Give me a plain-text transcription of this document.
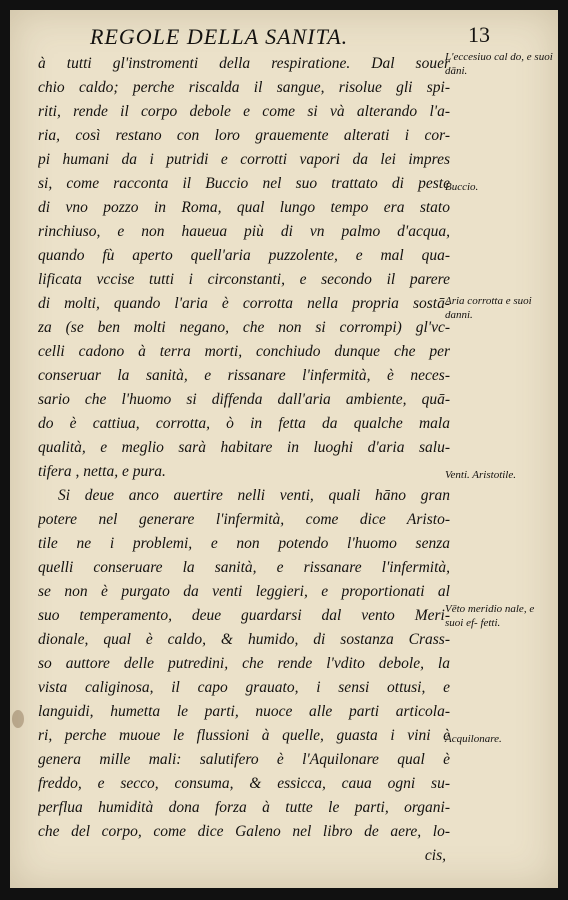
REGOLE DELLA SANITA.	13
à tutti gl'instromenti della respiratione. Dal souer
chio caldo; perche riscalda il sangue, risolue gli spi-
riti, rende il corpo debole e come si và alterando l'a-
ria, così restano con loro grauemente alterati i cor-
pi humani da i putridi e corrotti vapori da lei impres
si, come racconta il Buccio nel suo trattato di peste
di vno pozzo in Roma, qual lungo tempo era stato
rinchiuso, e non haueua più di vn palmo d'acqua,
quando fù aperto quell'aria puzzolente, e mal qua-
lificata vccise tutti i circonstanti, e secondo il parere
di molti, quando l'aria è corrotta nella propria sostā-
za (se ben molti negano, che non si corrompi) gl'vc-
celli cadono à terra morti, conchiudo dunque che per
conseruar la sanità, e rissanare l'infermità, è neces-
sario che l'huomo si diffenda dall'aria ambiente, quā-
do è cattiua, corrotta, ò in fetta da qualche mala
qualità, e meglio sarà habitare in luoghi d'aria salu-
tifera , netta, e pura.
Si deue anco auertire nelli venti, quali hāno gran
potere nel generare l'infermità, come dice Aristo-
tile ne i problemi, e non potendo l'huomo senza
quelli conseruare la sanità, e rissanare l'infermità,
se non è purgato da venti leggieri, e proportionati al
suo temperamento, deue guardarsi dal vento Meri-
dionale, qual è caldo, & humido, di sostanza Crass-
so auttore delle putredini, che rende l'vdito debole, la
vista caliginosa, il capo grauato, i sensi ottusi, e
languidi, humetta le parti, nuoce alle parti articola-
ri, perche muoue le flussioni à quelle, guasta i vini è
genera mille mali: salutifero è l'Aquilonare qual è
freddo, e secco, consuma, & essicca, caua ogni su-
perflua humidità dona forza à tutte le parti, organi-
che del corpo, come dice Galeno nel libro de aere, lo-
cis,
L'eccesiuo cal do, e suoi dāni.
Buccio.
Aria corrotta e suoi danni.
Venti. Aristotile.
Vēto meridio nale, e suoi ef- fetti.
Acquilonare.
